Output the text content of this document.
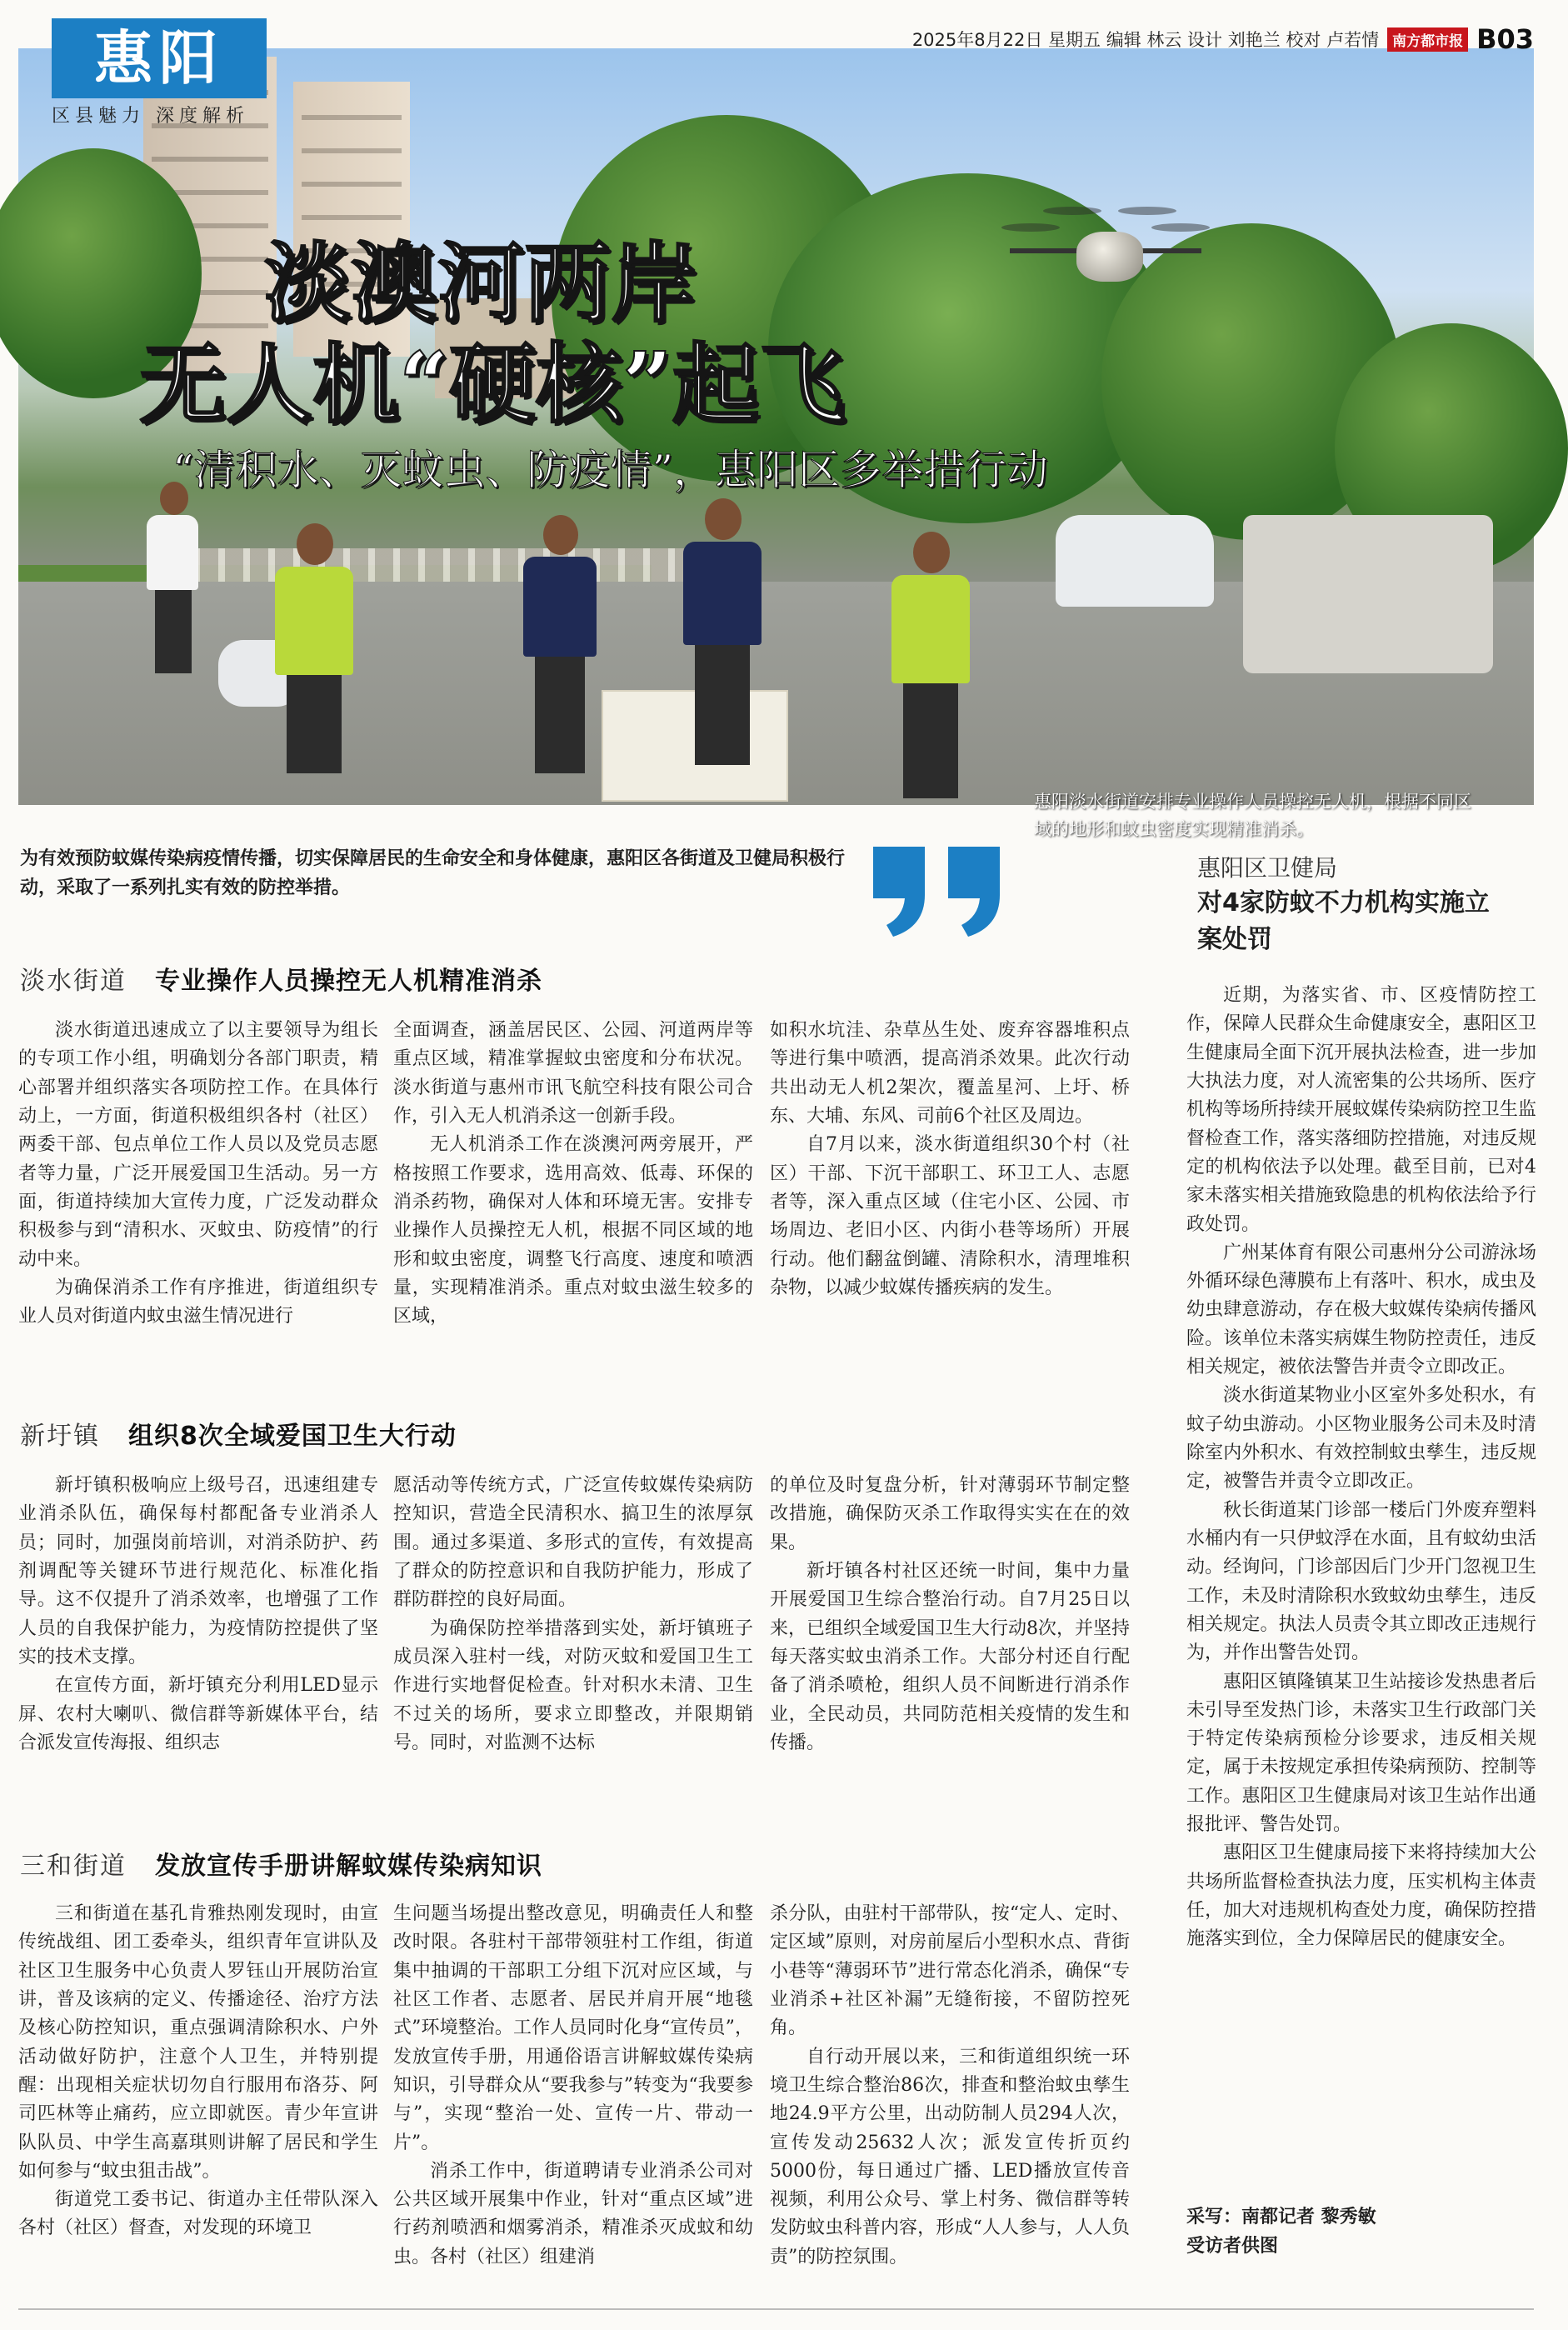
惠阳
区县魅力 深度解析
2025年8月22日 星期五 编辑 林云 设计 刘艳兰 校对 卢若情 南方都市报 B03
淡澳河两岸
无人机“硬核”起飞
“清积水、灭蚊虫、防疫情”，惠阳区多举措行动
惠阳淡水街道安排专业操作人员操控无人机，根据不同区域的地形和蚊虫密度实现精准消杀。
为有效预防蚊媒传染病疫情传播，切实保障居民的生命安全和身体健康，惠阳区各街道及卫健局积极行动，采取了一系列扎实有效的防控举措。
淡水街道 专业操作人员操控无人机精准消杀

淡水街道迅速成立了以主要领导为组长的专项工作小组，明确划分各部门职责，精心部署并组织落实各项防控工作。在具体行动上，一方面，街道积极组织各村（社区）两委干部、包点单位工作人员以及党员志愿者等力量，广泛开展爱国卫生活动。另一方面，街道持续加大宣传力度，广泛发动群众积极参与到“清积水、灭蚊虫、防疫情”的行动中来。

为确保消杀工作有序推进，街道组织专业人员对街道内蚊虫滋生情况进行

全面调查，涵盖居民区、公园、河道两岸等重点区域，精准掌握蚊虫密度和分布状况。淡水街道与惠州市讯飞航空科技有限公司合作，引入无人机消杀这一创新手段。

无人机消杀工作在淡澳河两旁展开，严格按照工作要求，选用高效、低毒、环保的消杀药物，确保对人体和环境无害。安排专业操作人员操控无人机，根据不同区域的地形和蚊虫密度，调整飞行高度、速度和喷洒量，实现精准消杀。重点对蚊虫滋生较多的区域，

如积水坑洼、杂草丛生处、废弃容器堆积点等进行集中喷洒，提高消杀效果。此次行动共出动无人机2架次，覆盖星河、上圩、桥东、大埔、东风、司前6个社区及周边。

自7月以来，淡水街道组织30个村（社区）干部、下沉干部职工、环卫工人、志愿者等，深入重点区域（住宅小区、公园、市场周边、老旧小区、内街小巷等场所）开展行动。他们翻盆倒罐、清除积水，清理堆积杂物，以减少蚊媒传播疾病的发生。

新圩镇 组织8次全域爱国卫生大行动

新圩镇积极响应上级号召，迅速组建专业消杀队伍，确保每村都配备专业消杀人员；同时，加强岗前培训，对消杀防护、药剂调配等关键环节进行规范化、标准化指导。这不仅提升了消杀效率，也增强了工作人员的自我保护能力，为疫情防控提供了坚实的技术支撑。

在宣传方面，新圩镇充分利用LED显示屏、农村大喇叭、微信群等新媒体平台，结合派发宣传海报、组织志

愿活动等传统方式，广泛宣传蚊媒传染病防控知识，营造全民清积水、搞卫生的浓厚氛围。通过多渠道、多形式的宣传，有效提高了群众的防控意识和自我防护能力，形成了群防群控的良好局面。

为确保防控举措落到实处，新圩镇班子成员深入驻村一线，对防灭蚊和爱国卫生工作进行实地督促检查。针对积水未清、卫生不过关的场所，要求立即整改，并限期销号。同时，对监测不达标

的单位及时复盘分析，针对薄弱环节制定整改措施，确保防灭杀工作取得实实在在的效果。

新圩镇各村社区还统一时间，集中力量开展爱国卫生综合整治行动。自7月25日以来，已组织全域爱国卫生大行动8次，并坚持每天落实蚊虫消杀工作。大部分村还自行配备了消杀喷枪，组织人员不间断进行消杀作业，全民动员，共同防范相关疫情的发生和传播。

三和街道 发放宣传手册讲解蚊媒传染病知识

三和街道在基孔肯雅热刚发现时，由宣传统战组、团工委牵头，组织青年宣讲队及社区卫生服务中心负责人罗钰山开展防治宣讲，普及该病的定义、传播途径、治疗方法及核心防控知识，重点强调清除积水、户外活动做好防护，注意个人卫生，并特别提醒：出现相关症状切勿自行服用布洛芬、阿司匹林等止痛药，应立即就医。青少年宣讲队队员、中学生高嘉琪则讲解了居民和学生如何参与“蚊虫狙击战”。

街道党工委书记、街道办主任带队深入各村（社区）督查，对发现的环境卫

生问题当场提出整改意见，明确责任人和整改时限。各驻村干部带领驻村工作组，街道集中抽调的干部职工分组下沉对应区域，与社区工作者、志愿者、居民并肩开展“地毯式”环境整治。工作人员同时化身“宣传员”，发放宣传手册，用通俗语言讲解蚊媒传染病知识，引导群众从“要我参与”转变为“我要参与”，实现“整治一处、宣传一片、带动一片”。

消杀工作中，街道聘请专业消杀公司对公共区域开展集中作业，针对“重点区域”进行药剂喷洒和烟雾消杀，精准杀灭成蚊和幼虫。各村（社区）组建消

杀分队，由驻村干部带队，按“定人、定时、定区域”原则，对房前屋后小型积水点、背街小巷等“薄弱环节”进行常态化消杀，确保“专业消杀+社区补漏”无缝衔接，不留防控死角。

自行动开展以来，三和街道组织统一环境卫生综合整治86次，排查和整治蚊虫孳生地24.9平方公里，出动防制人员294人次，宣传发动25632人次；派发宣传折页约5000份，每日通过广播、LED播放宣传音视频，利用公众号、掌上村务、微信群等转发防蚊虫科普内容，形成“人人参与，人人负责”的防控氛围。

惠阳区卫健局
对4家防蚊不力机构实施立案处罚

近期，为落实省、市、区疫情防控工作，保障人民群众生命健康安全，惠阳区卫生健康局全面下沉开展执法检查，进一步加大执法力度，对人流密集的公共场所、医疗机构等场所持续开展蚊媒传染病防控卫生监督检查工作，落实落细防控措施，对违反规定的机构依法予以处理。截至目前，已对4家未落实相关措施致隐患的机构依法给予行政处罚。

广州某体育有限公司惠州分公司游泳场外循环绿色薄膜布上有落叶、积水，成虫及幼虫肆意游动，存在极大蚊媒传染病传播风险。该单位未落实病媒生物防控责任，违反相关规定，被依法警告并责令立即改正。

淡水街道某物业小区室外多处积水，有蚊子幼虫游动。小区物业服务公司未及时清除室内外积水、有效控制蚊虫孳生，违反规定，被警告并责令立即改正。

秋长街道某门诊部一楼后门外废弃塑料水桶内有一只伊蚊浮在水面，且有蚊幼虫活动。经询问，门诊部因后门少开门忽视卫生工作，未及时清除积水致蚊幼虫孳生，违反相关规定。执法人员责令其立即改正违规行为，并作出警告处罚。

惠阳区镇隆镇某卫生站接诊发热患者后未引导至发热门诊，未落实卫生行政部门关于特定传染病预检分诊要求，违反相关规定，属于未按规定承担传染病预防、控制等工作。惠阳区卫生健康局对该卫生站作出通报批评、警告处罚。

惠阳区卫生健康局接下来将持续加大公共场所监督检查执法力度，压实机构主体责任，加大对违规机构查处力度，确保防控措施落实到位，全力保障居民的健康安全。

采写：南都记者 黎秀敏
受访者供图
